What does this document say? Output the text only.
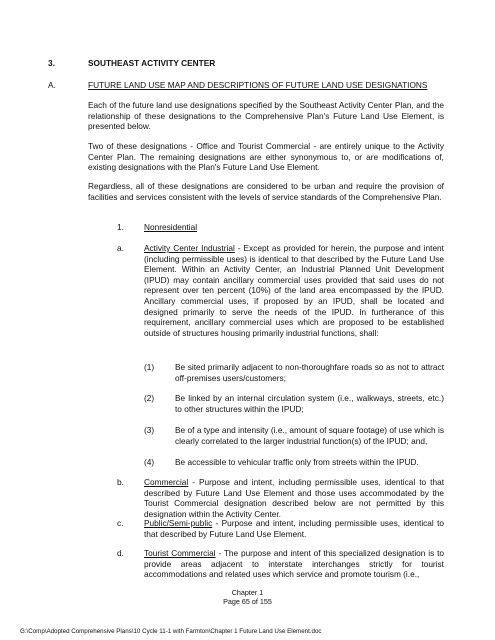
3.	SOUTHEAST ACTIVITY CENTER
A.	FUTURE LAND USE MAP AND DESCRIPTIONS OF FUTURE LAND USE DESIGNATIONS
Each of the future land use designations specified by the Southeast Activity Center Plan, and the relationship of these designations to the Comprehensive Plan's Future Land Use Element, is presented below.
Two of these designations - Office and Tourist Commercial - are entirely unique to the Activity Center Plan. The remaining designations are either synonymous to, or are modifications of, existing designations with the Plan's Future Land Use Element.
Regardless, all of these designations are considered to be urban and require the provision of facilities and services consistent with the levels of service standards of the Comprehensive Plan.
1. Nonresidential
a. Activity Center Industrial - Except as provided for herein, the purpose and intent (including permissible uses) is identical to that described by the Future Land Use Element. Within an Activity Center, an Industrial Planned Unit Development (IPUD) may contain ancillary commercial uses provided that said uses do not represent over ten percent (10%) of the land area encompassed by the IPUD. Ancillary commercial uses, if proposed by an IPUD, shall be located and designed primarily to serve the needs of the IPUD. In furtherance of this requirement, ancillary commercial uses which are proposed to be established outside of structures housing primarily industrial functions, shall:
(1)	Be sited primarily adjacent to non-thoroughfare roads so as not to attract off-premises users/customers;
(2)	Be linked by an internal circulation system (i.e., walkways, streets, etc.) to other structures within the IPUD;
(3)	Be of a type and intensity (i.e., amount of square footage) of use which is clearly correlated to the larger industrial function(s) of the IPUD; and,
(4)	Be accessible to vehicular traffic only from streets within the IPUD.
b. Commercial - Purpose and intent, including permissible uses, identical to that described by Future Land Use Element and those uses accommodated by the Tourist Commercial designation described below are not permitted by this designation within the Activity Center.
c. Public/Semi-public - Purpose and intent, including permissible uses, identical to that described by Future Land Use Element.
d. Tourist Commercial - The purpose and intent of this specialized designation is to provide areas adjacent to interstate interchanges strictly for tourist accommodations and related uses which service and promote tourism (i.e.,
Chapter 1
Page 65 of 155
G:\Comp\Adopted Comprehensive Plans\10 Cycle 11-1 with Farmton\Chapter 1 Future Land Use Element.doc
